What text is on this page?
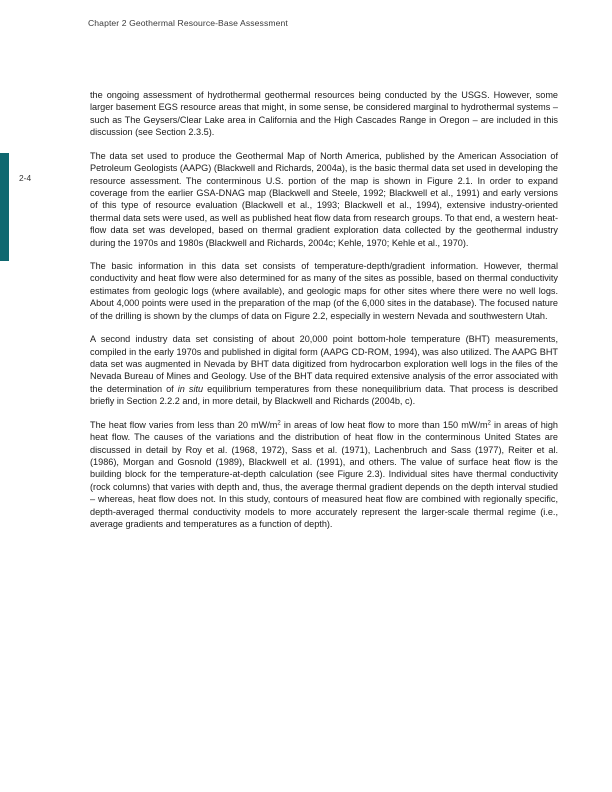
Chapter 2 Geothermal Resource-Base Assessment
2-4

the ongoing assessment of hydrothermal geothermal resources being conducted by the USGS. However, some larger basement EGS resource areas that might, in some sense, be considered marginal to hydrothermal systems – such as The Geysers/Clear Lake area in California and the High Cascades Range in Oregon – are included in this discussion (see Section 2.3.5).

The data set used to produce the Geothermal Map of North America, published by the American Association of Petroleum Geologists (AAPG) (Blackwell and Richards, 2004a), is the basic thermal data set used in developing the resource assessment. The conterminous U.S. portion of the map is shown in Figure 2.1. In order to expand coverage from the earlier GSA-DNAG map (Blackwell and Steele, 1992; Blackwell et al., 1991) and early versions of this type of resource evaluation (Blackwell et al., 1993; Blackwell et al., 1994), extensive industry-oriented thermal data sets were used, as well as published heat flow data from research groups. To that end, a western heat-flow data set was developed, based on thermal gradient exploration data collected by the geothermal industry during the 1970s and 1980s (Blackwell and Richards, 2004c; Kehle, 1970; Kehle et al., 1970).

The basic information in this data set consists of temperature-depth/gradient information. However, thermal conductivity and heat flow were also determined for as many of the sites as possible, based on thermal conductivity estimates from geologic logs (where available), and geologic maps for other sites where there were no well logs. About 4,000 points were used in the preparation of the map (of the 6,000 sites in the database). The focused nature of the drilling is shown by the clumps of data on Figure 2.2, especially in western Nevada and southwestern Utah.

A second industry data set consisting of about 20,000 point bottom-hole temperature (BHT) measurements, compiled in the early 1970s and published in digital form (AAPG CD-ROM, 1994), was also utilized. The AAPG BHT data set was augmented in Nevada by BHT data digitized from hydrocarbon exploration well logs in the files of the Nevada Bureau of Mines and Geology. Use of the BHT data required extensive analysis of the error associated with the determination of in situ equilibrium temperatures from these nonequilibrium data. That process is described briefly in Section 2.2.2 and, in more detail, by Blackwell and Richards (2004b, c).

The heat flow varies from less than 20 $mW/m^2$ in areas of low heat flow to more than 150 $mW/m^2$ in areas of high heat flow. The causes of the variations and the distribution of heat flow in the conterminous United States are discussed in detail by Roy et al. (1968, 1972), Sass et al. (1971), Lachenbruch and Sass (1977), Reiter et al. (1986), Morgan and Gosnold (1989), Blackwell et al. (1991), and others. The value of surface heat flow is the building block for the temperature-at-depth calculation (see Figure 2.3). Individual sites have thermal conductivity (rock columns) that varies with depth and, thus, the average thermal gradient depends on the depth interval studied – whereas, heat flow does not. In this study, contours of measured heat flow are combined with regionally specific, depth-averaged thermal conductivity models to more accurately represent the larger-scale thermal regime (i.e., average gradients and temperatures as a function of depth).
